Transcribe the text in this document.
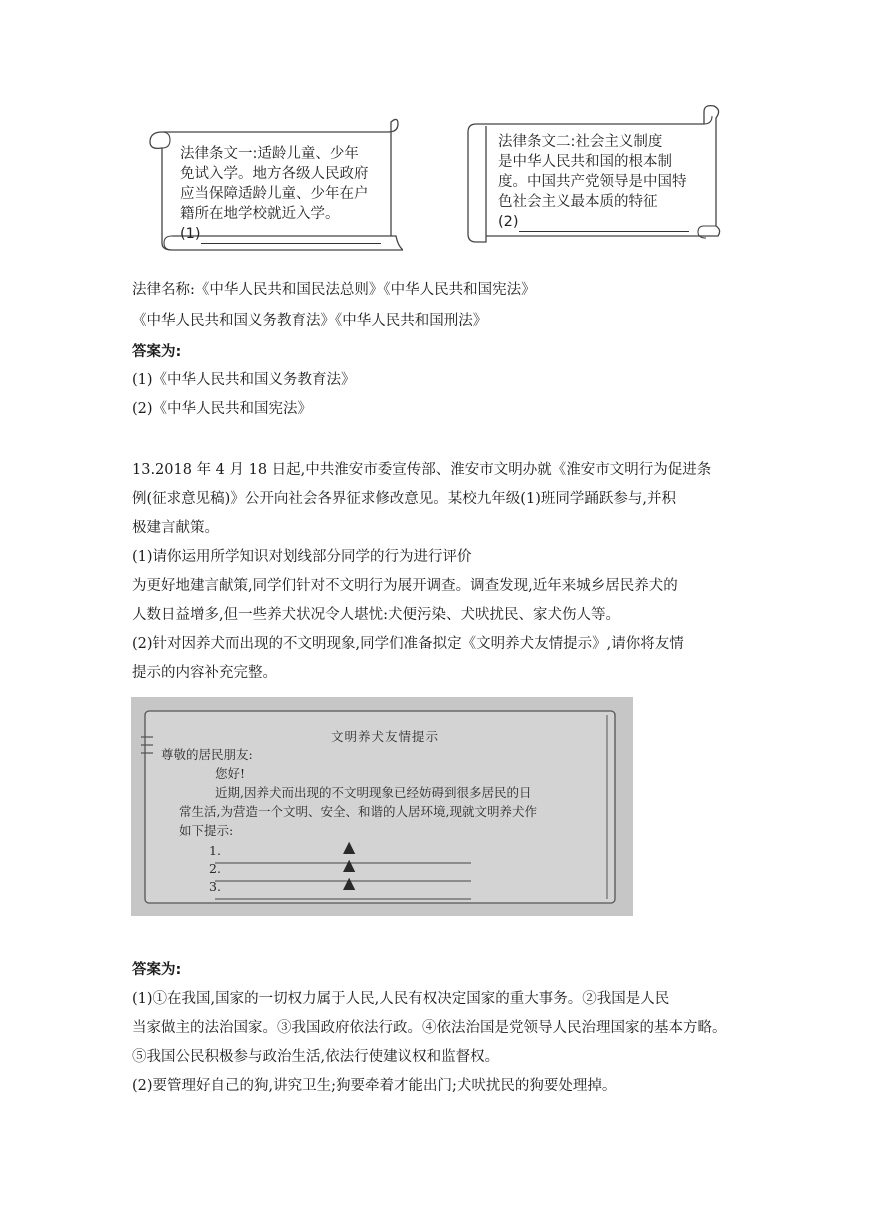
法律条文一:适龄儿童、少年
免试入学。地方各级人民政府
应当保障适龄儿童、少年在户
籍所在地学校就近入学。
(1)
法律条文二:社会主义制度
是中华人民共和国的根本制
度。中国共产党领导是中国特
色社会主义最本质的特征
(2)
法律名称:《中华人民共和国民法总则》《中华人民共和国宪法》
《中华人民共和国义务教育法》《中华人民共和国刑法》
答案为:
(1)《中华人民共和国义务教育法》
(2)《中华人民共和国宪法》
13.2018 年 4 月 18 日起,中共淮安市委宣传部、淮安市文明办就《淮安市文明行为促进条
例(征求意见稿)》公开向社会各界征求修改意见。某校九年级(1)班同学踊跃参与,并积
极建言献策。
(1)请你运用所学知识对划线部分同学的行为进行评价
为更好地建言献策,同学们针对不文明行为展开调查。调查发现,近年来城乡居民养犬的
人数日益增多,但一些养犬状况令人堪忧:犬便污染、犬吠扰民、家犬伤人等。
(2)针对因养犬而出现的不文明现象,同学们准备拟定《文明养犬友情提示》,请你将友情
提示的内容补充完整。
文明养犬友情提示
尊敬的居民朋友:
您好!
近期,因养犬而出现的不文明现象已经妨碍到很多居民的日
常生活,为营造一个文明、安全、和谐的人居环境,现就文明养犬作
如下提示:
1.
2.
3.
▲
▲
▲
答案为:
(1)①在我国,国家的一切权力属于人民,人民有权决定国家的重大事务。②我国是人民
当家做主的法治国家。③我国政府依法行政。④依法治国是党领导人民治理国家的基本方略。
⑤我国公民积极参与政治生活,依法行使建议权和监督权。
(2)要管理好自己的狗,讲究卫生;狗要牵着才能出门;犬吠扰民的狗要处理掉。
